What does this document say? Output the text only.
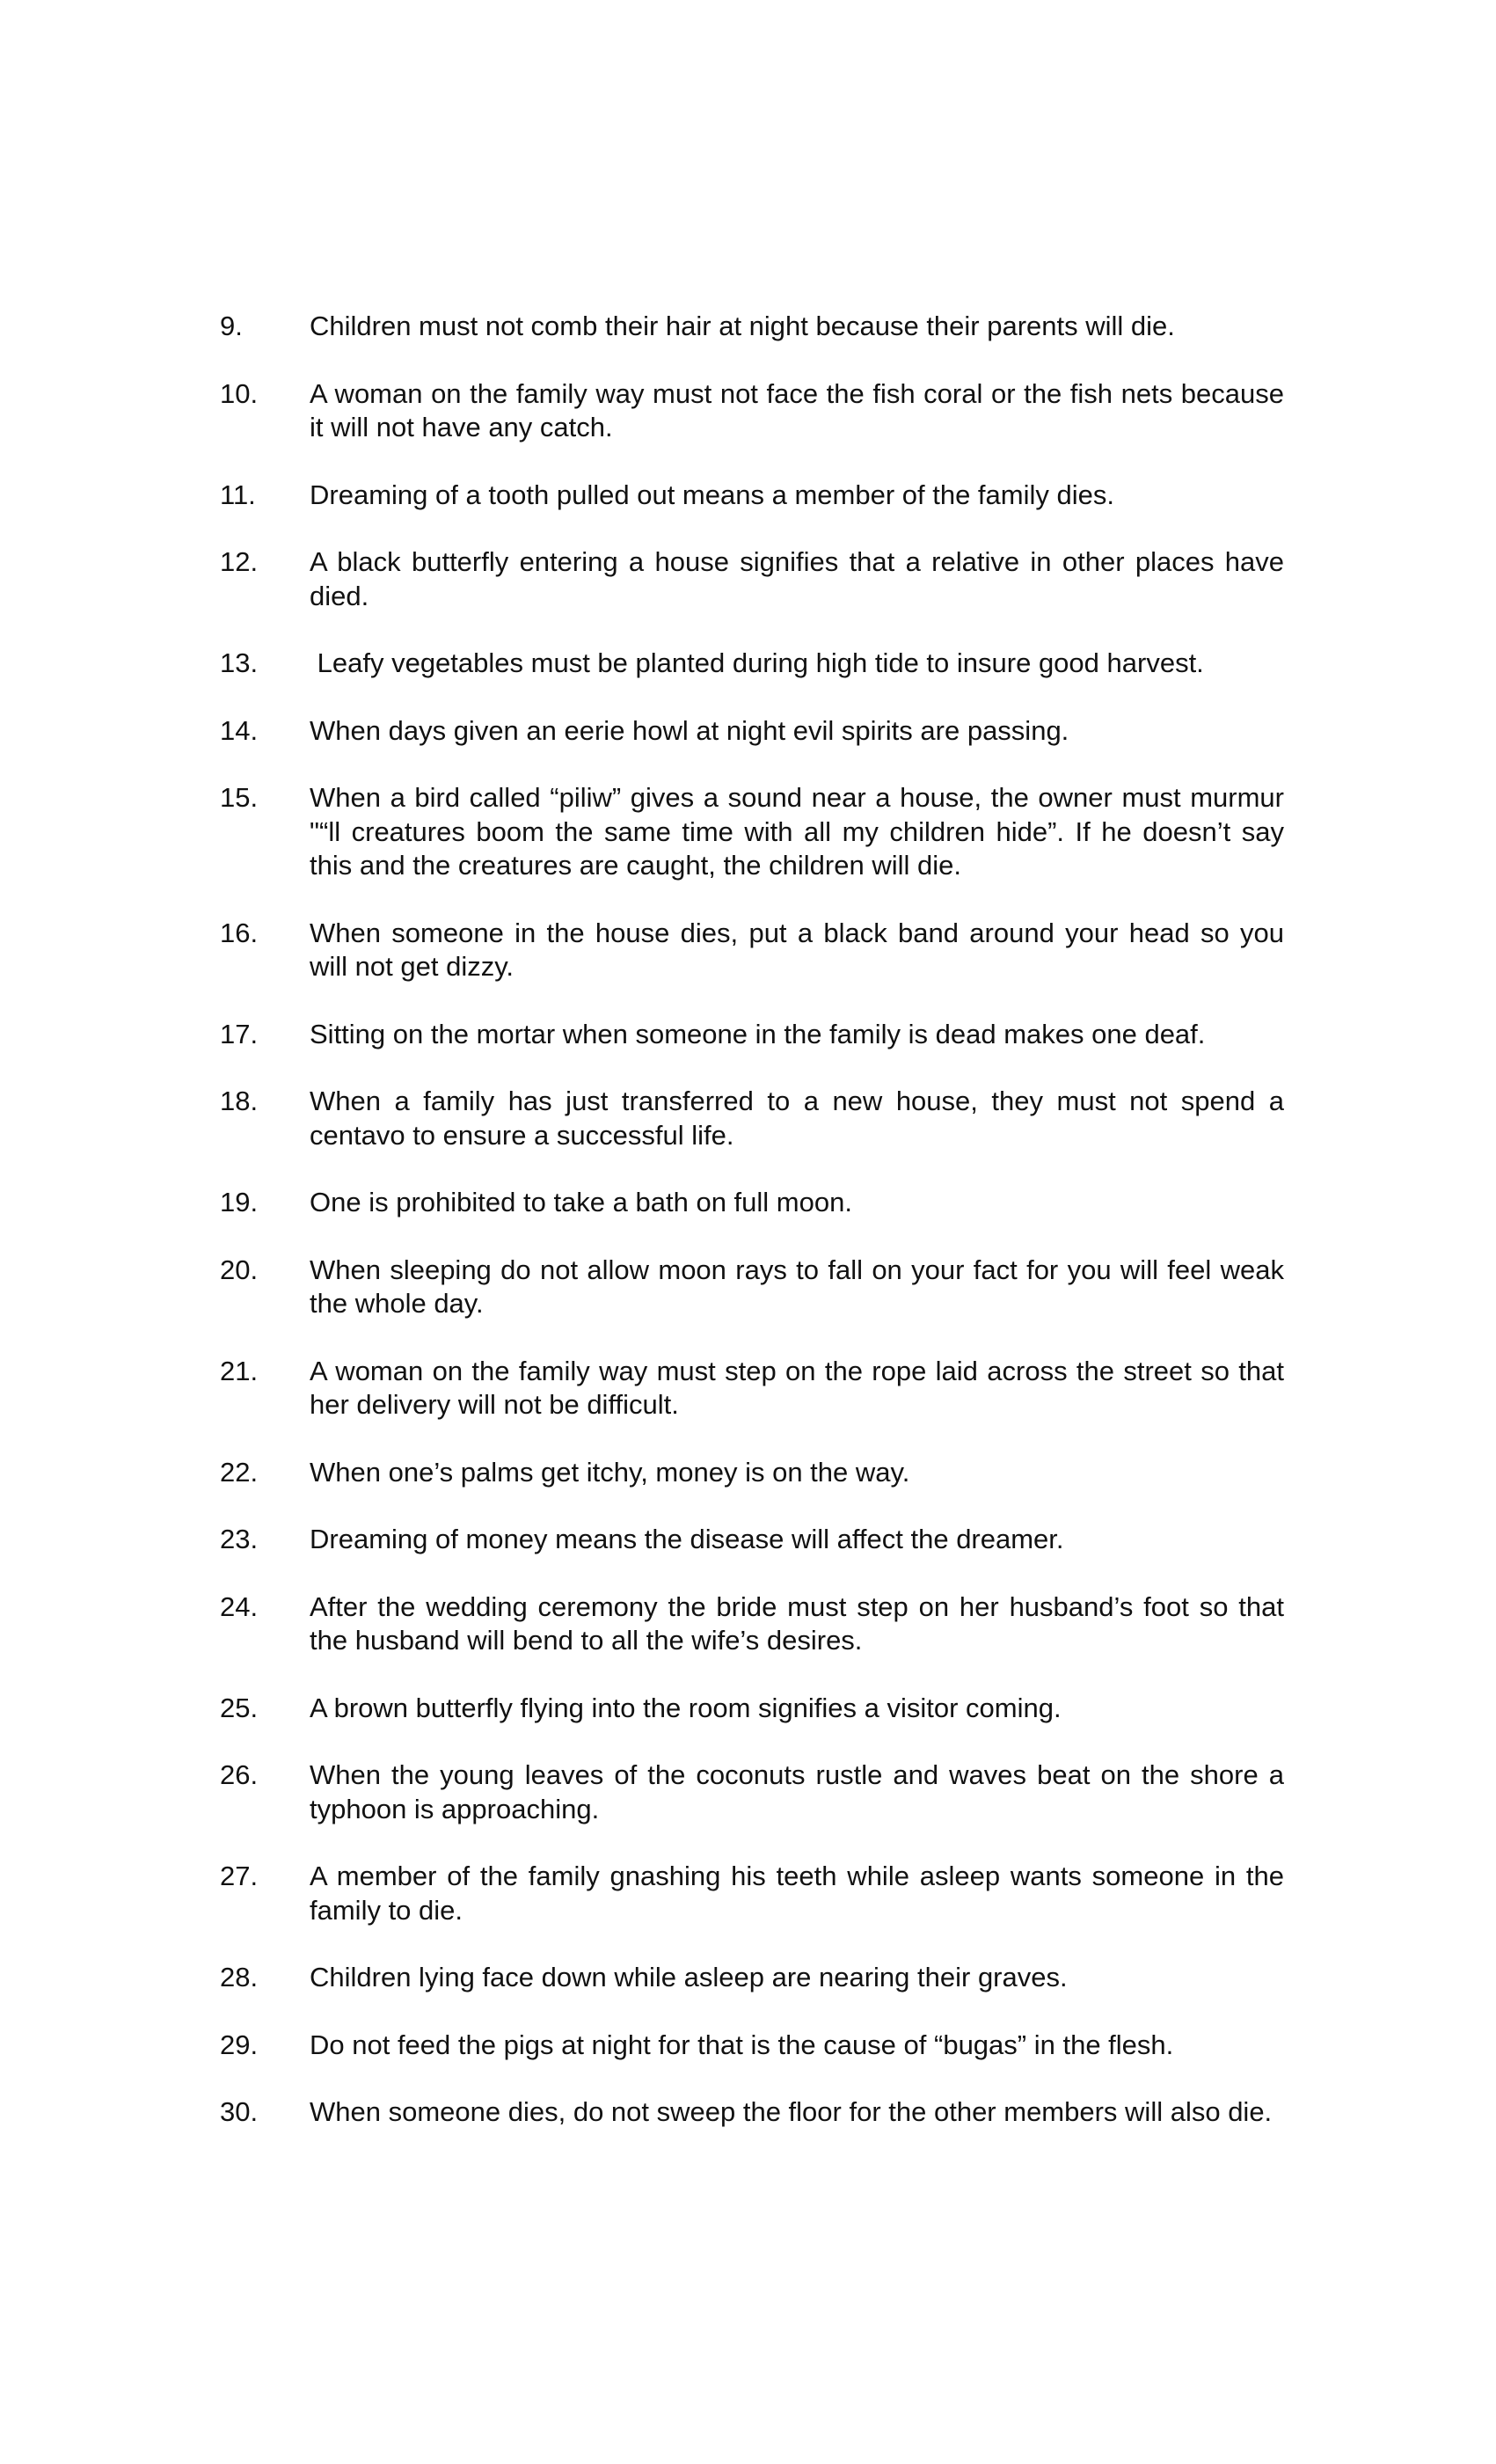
9.	Children must not comb their hair at night because their parents will die.
10.	A woman on the family way must not face the fish coral or the fish nets because it will not have any catch.
11.	Dreaming of a tooth pulled out means a member of the family dies.
12.	A black butterfly entering a house signifies that a relative in other places have died.
13.	Leafy vegetables must be planted during high tide to insure good harvest.
14.	When days given an eerie howl at night evil spirits are passing.
15.	When a bird called “piliw” gives a sound near a house, the owner must murmur "“ll creatures boom the same time with all my children hide”. If he doesn’t say this and the creatures are caught, the children will die.
16.	When someone in the house dies, put a black band around your head so you will not get dizzy.
17.	Sitting on the mortar when someone in the family is dead makes one deaf.
18.	When a family has just transferred to a new house, they must not spend a centavo to ensure a successful life.
19.	One is prohibited to take a bath on full moon.
20.	When sleeping do not allow moon rays to fall on your fact for you will feel weak the whole day.
21.	A woman on the family way must step on the rope laid across the street so that her delivery will not be difficult.
22.	When one’s palms get itchy, money is on the way.
23.	Dreaming of money means the disease will affect the dreamer.
24.	After the wedding ceremony the bride must step on her husband’s foot so that the husband will bend to all the wife’s desires.
25.	A brown butterfly flying into the room signifies a visitor coming.
26.	When the young leaves of the coconuts rustle and waves beat on the shore a typhoon is approaching.
27.	A member of the family gnashing his teeth while asleep wants someone in the family to die.
28.	Children lying face down while asleep are nearing their graves.
29.	Do not feed the pigs at night for that is the cause of “bugas” in the flesh.
30.	When someone dies, do not sweep the floor for the other members will also die.
